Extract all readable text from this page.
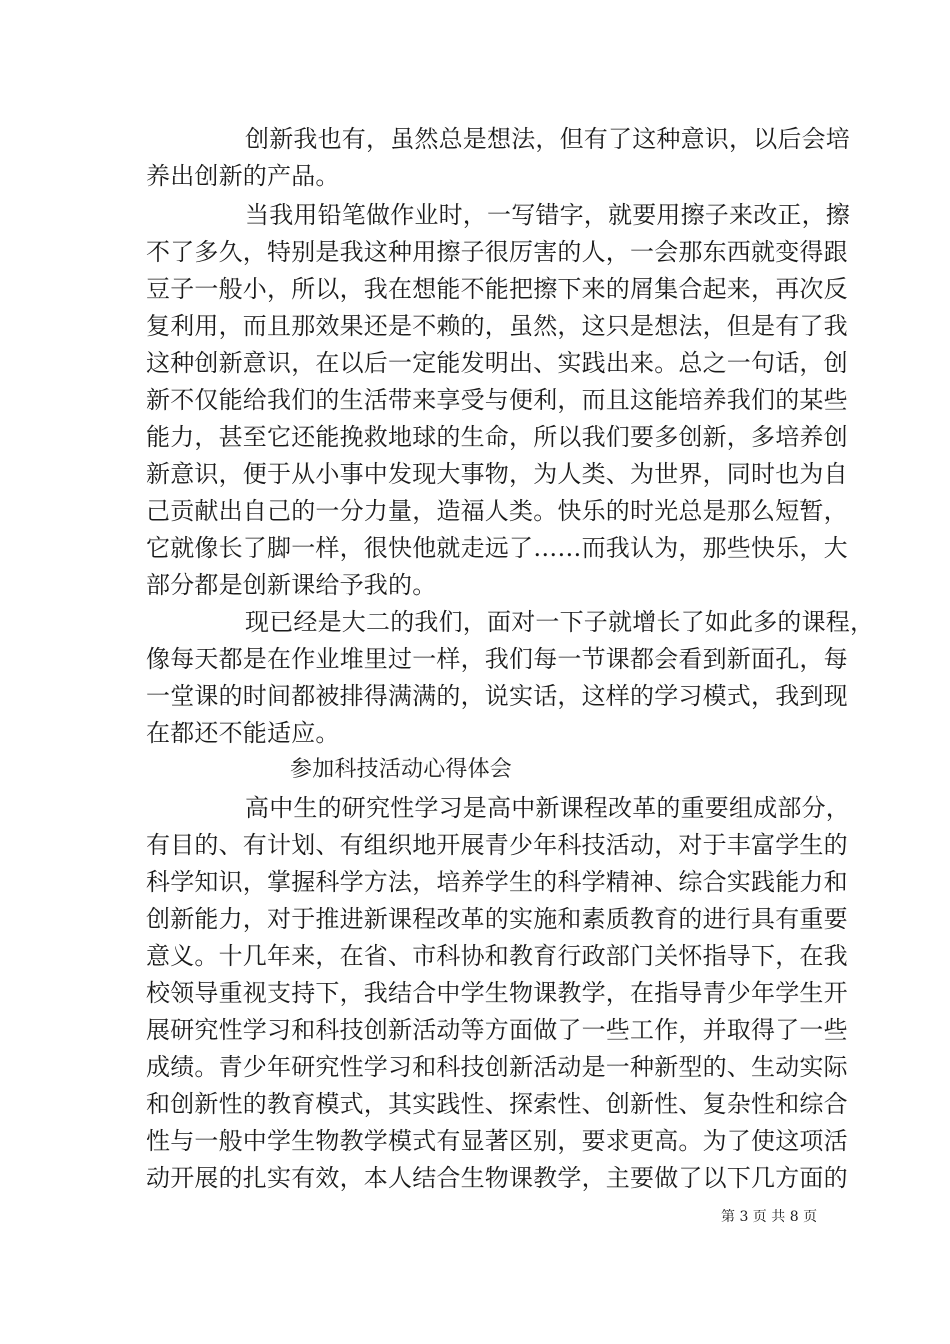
创新我也有，虽然总是想法，但有了这种意识，以后会培
养出创新的产品。
当我用铅笔做作业时，一写错字，就要用擦子来改正，擦
不了多久，特别是我这种用擦子很厉害的人，一会那东西就变得跟
豆子一般小，所以，我在想能不能把擦下来的屑集合起来，再次反
复利用，而且那效果还是不赖的，虽然，这只是想法，但是有了我
这种创新意识，在以后一定能发明出、实践出来。总之一句话，创
新不仅能给我们的生活带来享受与便利，而且这能培养我们的某些
能力，甚至它还能挽救地球的生命，所以我们要多创新，多培养创
新意识，便于从小事中发现大事物，为人类、为世界，同时也为自
己贡献出自己的一分力量，造福人类。快乐的时光总是那么短暂，
它就像长了脚一样，很快他就走远了……而我认为，那些快乐，大
部分都是创新课给予我的。
现已经是大二的我们，面对一下子就增长了如此多的课程，
像每天都是在作业堆里过一样，我们每一节课都会看到新面孔，每
一堂课的时间都被排得满满的，说实话，这样的学习模式，我到现
在都还不能适应。
参加科技活动心得体会
高中生的研究性学习是高中新课程改革的重要组成部分，
有目的、有计划、有组织地开展青少年科技活动，对于丰富学生的
科学知识，掌握科学方法，培养学生的科学精神、综合实践能力和
创新能力，对于推进新课程改革的实施和素质教育的进行具有重要
意义。十几年来，在省、市科协和教育行政部门关怀指导下，在我
校领导重视支持下，我结合中学生物课教学，在指导青少年学生开
展研究性学习和科技创新活动等方面做了一些工作，并取得了一些
成绩。青少年研究性学习和科技创新活动是一种新型的、生动实际
和创新性的教育模式，其实践性、探索性、创新性、复杂性和综合
性与一般中学生物教学模式有显著区别，要求更高。为了使这项活
动开展的扎实有效，本人结合生物课教学，主要做了以下几方面的
第 3 页 共 8 页
